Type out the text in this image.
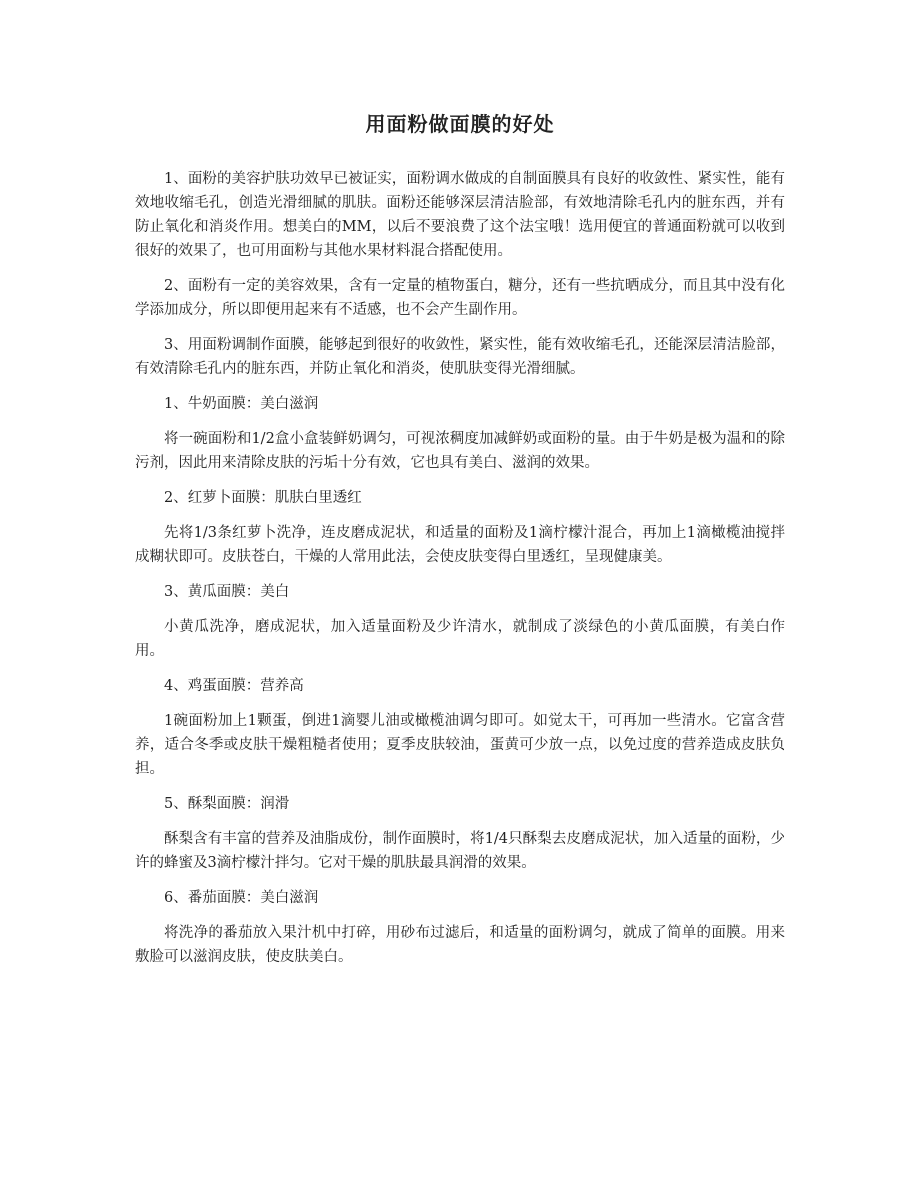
用面粉做面膜的好处

1、面粉的美容护肤功效早已被证实，面粉调水做成的自制面膜具有良好的收敛性、紧实性，能有效地收缩毛孔，创造光滑细腻的肌肤。面粉还能够深层清洁脸部，有效地清除毛孔内的脏东西，并有防止氧化和消炎作用。想美白的MM，以后不要浪费了这个法宝哦！选用便宜的普通面粉就可以收到很好的效果了，也可用面粉与其他水果材料混合搭配使用。

2、面粉有一定的美容效果，含有一定量的植物蛋白，糖分，还有一些抗晒成分，而且其中没有化学添加成分，所以即便用起来有不适感，也不会产生副作用。

3、用面粉调制作面膜，能够起到很好的收敛性，紧实性，能有效收缩毛孔，还能深层清洁脸部，有效清除毛孔内的脏东西，并防止氧化和消炎，使肌肤变得光滑细腻。

1、牛奶面膜：美白滋润

将一碗面粉和1/2盒小盒装鲜奶调匀，可视浓稠度加减鲜奶或面粉的量。由于牛奶是极为温和的除污剂，因此用来清除皮肤的污垢十分有效，它也具有美白、滋润的效果。

2、红萝卜面膜：肌肤白里透红

先将1/3条红萝卜洗净，连皮磨成泥状，和适量的面粉及1滴柠檬汁混合，再加上1滴橄榄油搅拌成糊状即可。皮肤苍白，干燥的人常用此法，会使皮肤变得白里透红，呈现健康美。

3、黄瓜面膜：美白

小黄瓜洗净，磨成泥状，加入适量面粉及少许清水，就制成了淡绿色的小黄瓜面膜，有美白作用。

4、鸡蛋面膜：营养高

1碗面粉加上1颗蛋，倒进1滴婴儿油或橄榄油调匀即可。如觉太干，可再加一些清水。它富含营养，适合冬季或皮肤干燥粗糙者使用；夏季皮肤较油，蛋黄可少放一点，以免过度的营养造成皮肤负担。

5、酥梨面膜：润滑

酥梨含有丰富的营养及油脂成份，制作面膜时，将1/4只酥梨去皮磨成泥状，加入适量的面粉，少许的蜂蜜及3滴柠檬汁拌匀。它对干燥的肌肤最具润滑的效果。

6、番茄面膜：美白滋润

将洗净的番茄放入果汁机中打碎，用砂布过滤后，和适量的面粉调匀，就成了简单的面膜。用来敷脸可以滋润皮肤，使皮肤美白。
